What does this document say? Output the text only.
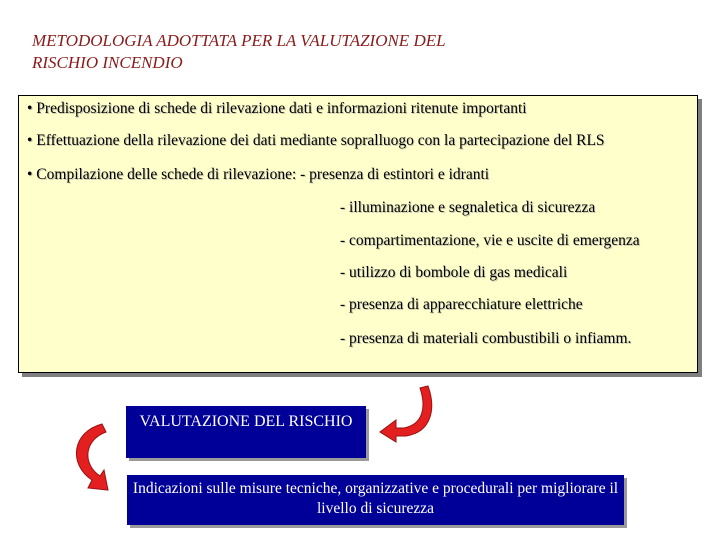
METODOLOGIA ADOTTATA PER LA VALUTAZIONE DEL
RISCHIO INCENDIO
• Predisposizione di schede di rilevazione dati e informazioni ritenute importanti
• Effettuazione della rilevazione dei dati mediante sopralluogo con la partecipazione del RLS
• Compilazione delle schede di rilevazione: - presenza di estintori e idranti
- illuminazione e segnaletica di sicurezza
- compartimentazione, vie e uscite di emergenza
- utilizzo di bombole di gas medicali
- presenza di apparecchiature elettriche
- presenza di materiali combustibili o infiamm.
VALUTAZIONE DEL RISCHIO
Indicazioni sulle misure tecniche, organizzative e procedurali per migliorare il livello di sicurezza
